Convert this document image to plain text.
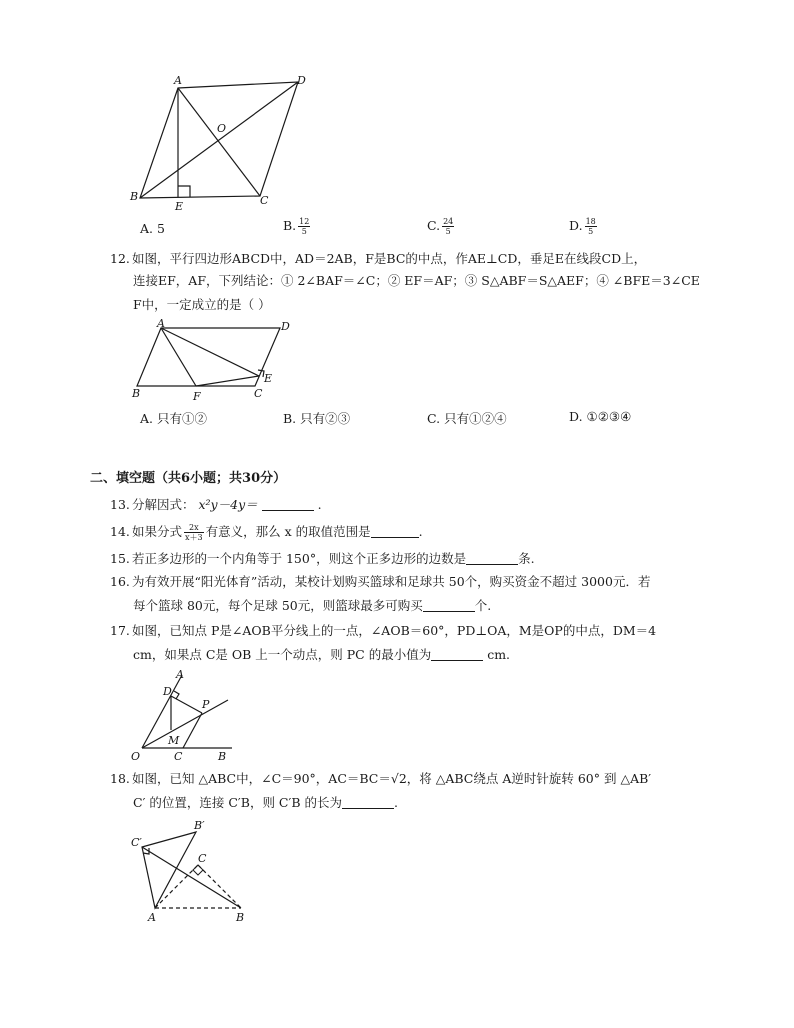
A	D
O
B	C
E
A. 5	B. $\frac{12}{5}$	C. $\frac{24}{5}$	D. $\frac{18}{5}$
12. 如图，平行四边形ABCD中，AD＝2AB，F是BC的中点，作AE⊥CD，垂足E在线段CD上，
连接EF，AF，下列结论：① 2∠BAF＝∠C；② EF＝AF；③ S△ABF＝S△AEF；④ ∠BFE＝3∠CE
F中，一定成立的是（ ）
A	D
E
B	F	C
A. 只有①②	B. 只有②③	C. 只有①②④	D. ①②③④
二、填空题（共6小题；共30分）
13. 分解因式： x²y－4y＝	.
14. 如果分式 $\frac{2x}{x+3}$ 有意义，那么 x 的取值范围是	.
15. 若正多边形的一个内角等于 150°，则这个正多边形的边数是	条.
16. 为有效开展“阳光体育”活动，某校计划购买篮球和足球共 50个，购买资金不超过 3000元．若
每个篮球 80元，每个足球 50元，则篮球最多可购买	个.
17. 如图，已知点 P是∠AOB平分线上的一点，∠AOB＝60°，PD⊥OA，M是OP的中点，DM＝4
cm，如果点 C是 OB 上一个动点，则 PC 的最小值为	cm.
A
D
P
M
O	C	B
18. 如图，已知 △ABC中，∠C＝90°，AC＝BC＝√2，将 △ABC绕点 A逆时针旋转 60° 到 △AB′
C′ 的位置，连接 C′B，则 C′B 的长为	.
C′
B′
C
A	B
